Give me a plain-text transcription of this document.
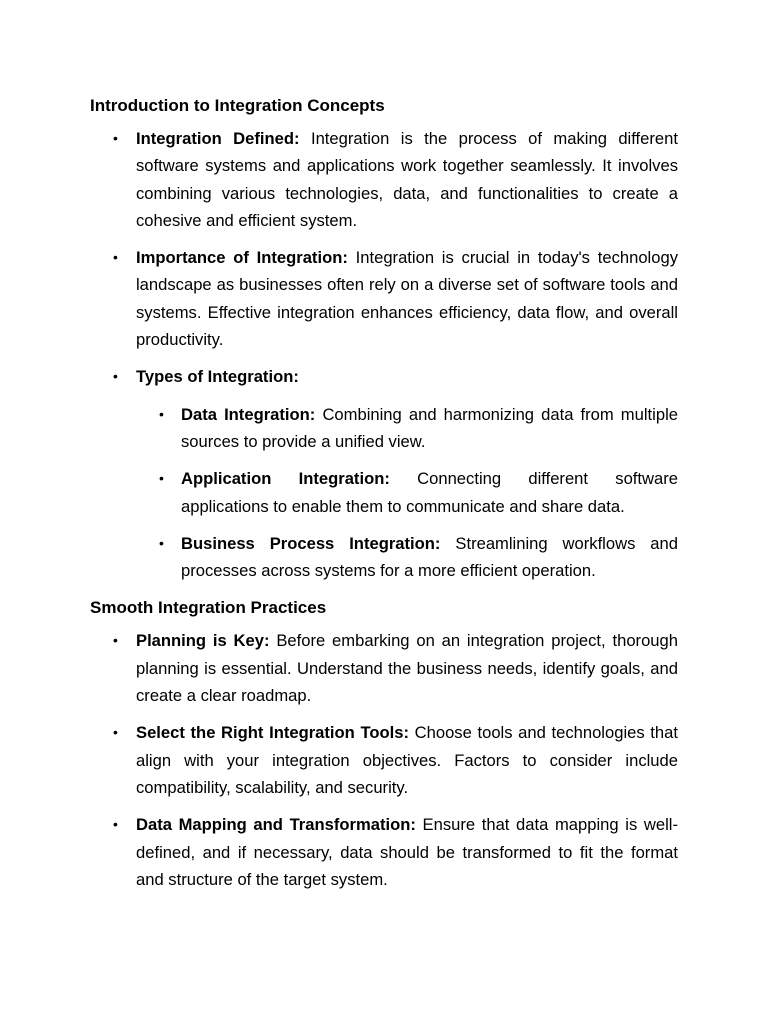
Introduction to Integration Concepts
• Integration Defined: Integration is the process of making different software systems and applications work together seamlessly. It involves combining various technologies, data, and functionalities to create a cohesive and efficient system.
• Importance of Integration: Integration is crucial in today's technology landscape as businesses often rely on a diverse set of software tools and systems. Effective integration enhances efficiency, data flow, and overall productivity.
• Types of Integration:
• Data Integration: Combining and harmonizing data from multiple sources to provide a unified view.
• Application Integration: Connecting different software applications to enable them to communicate and share data.
• Business Process Integration: Streamlining workflows and processes across systems for a more efficient operation.
Smooth Integration Practices
• Planning is Key: Before embarking on an integration project, thorough planning is essential. Understand the business needs, identify goals, and create a clear roadmap.
• Select the Right Integration Tools: Choose tools and technologies that align with your integration objectives. Factors to consider include compatibility, scalability, and security.
• Data Mapping and Transformation: Ensure that data mapping is well-defined, and if necessary, data should be transformed to fit the format and structure of the target system.
